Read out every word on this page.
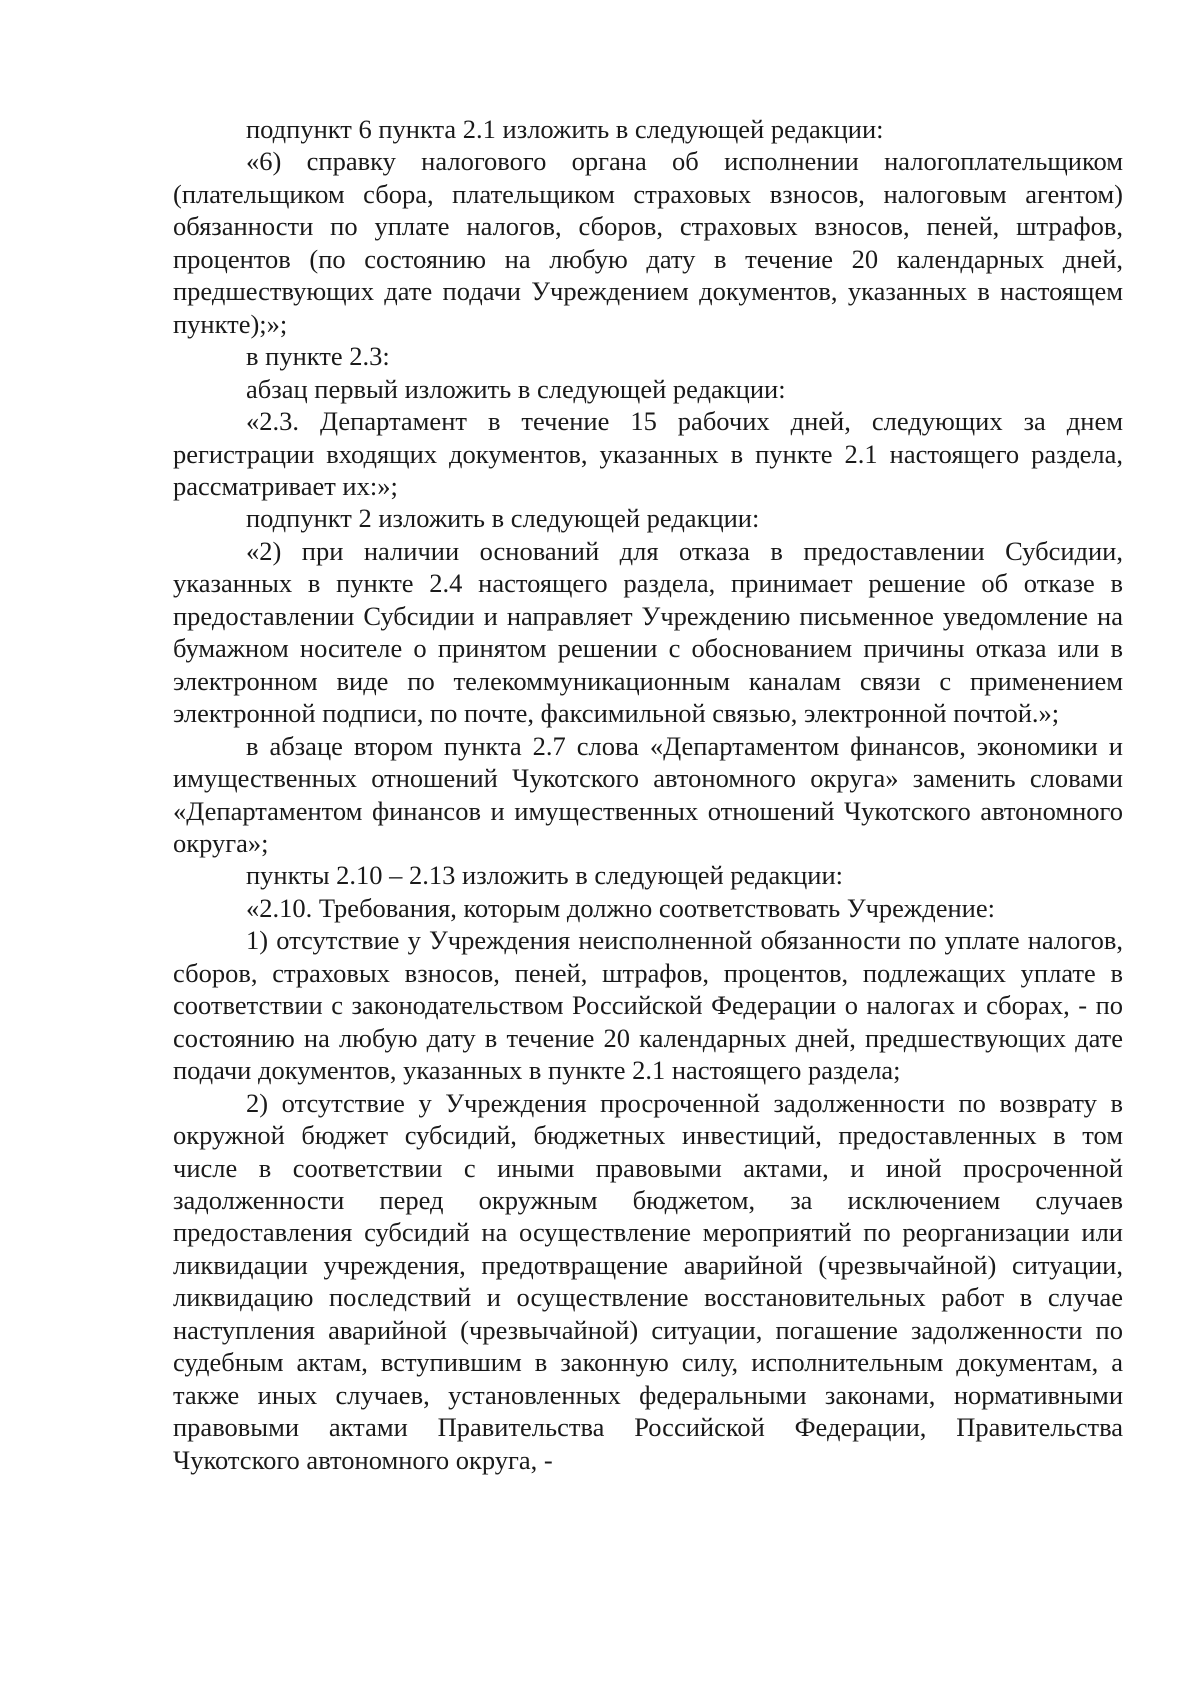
подпункт 6 пункта 2.1 изложить в следующей редакции:

«6) справку налогового органа об исполнении налогоплательщиком (плательщиком сбора, плательщиком страховых взносов, налоговым агентом) обязанности по уплате налогов, сборов, страховых взносов, пеней, штрафов, процентов (по состоянию на любую дату в течение 20 календарных дней, предшествующих дате подачи Учреждением документов, указанных в настоящем пункте);»;

в пункте 2.3:

абзац первый изложить в следующей редакции:

«2.3. Департамент в течение 15 рабочих дней, следующих за днем регистрации входящих документов, указанных в пункте 2.1 настоящего раздела, рассматривает их:»;

подпункт 2 изложить в следующей редакции:

«2) при наличии оснований для отказа в предоставлении Субсидии, указанных в пункте 2.4 настоящего раздела, принимает решение об отказе в предоставлении Субсидии и направляет Учреждению письменное уведомление на бумажном носителе о принятом решении с обоснованием причины отказа или в электронном виде по телекоммуникационным каналам связи с применением электронной подписи, по почте, факсимильной связью, электронной почтой.»;

в абзаце втором пункта 2.7 слова «Департаментом финансов, экономики и имущественных отношений Чукотского автономного округа» заменить словами «Департаментом финансов и имущественных отношений Чукотского автономного округа»;

пункты 2.10 – 2.13 изложить в следующей редакции:

«2.10. Требования, которым должно соответствовать Учреждение:

1) отсутствие у Учреждения неисполненной обязанности по уплате налогов, сборов, страховых взносов, пеней, штрафов, процентов, подлежащих уплате в соответствии с законодательством Российской Федерации о налогах и сборах, - по состоянию на любую дату в течение 20 календарных дней, предшествующих дате подачи документов, указанных в пункте 2.1 настоящего раздела;

2) отсутствие у Учреждения просроченной задолженности по возврату в окружной бюджет субсидий, бюджетных инвестиций, предоставленных в том числе в соответствии с иными правовыми актами, и иной просроченной задолженности перед окружным бюджетом, за исключением случаев предоставления субсидий на осуществление мероприятий по реорганизации или ликвидации учреждения, предотвращение аварийной (чрезвычайной) ситуации, ликвидацию последствий и осуществление восстановительных работ в случае наступления аварийной (чрезвычайной) ситуации, погашение задолженности по судебным актам, вступившим в законную силу, исполнительным документам, а также иных случаев, установленных федеральными законами, нормативными правовыми актами Правительства Российской Федерации, Правительства Чукотского автономного округа, -
